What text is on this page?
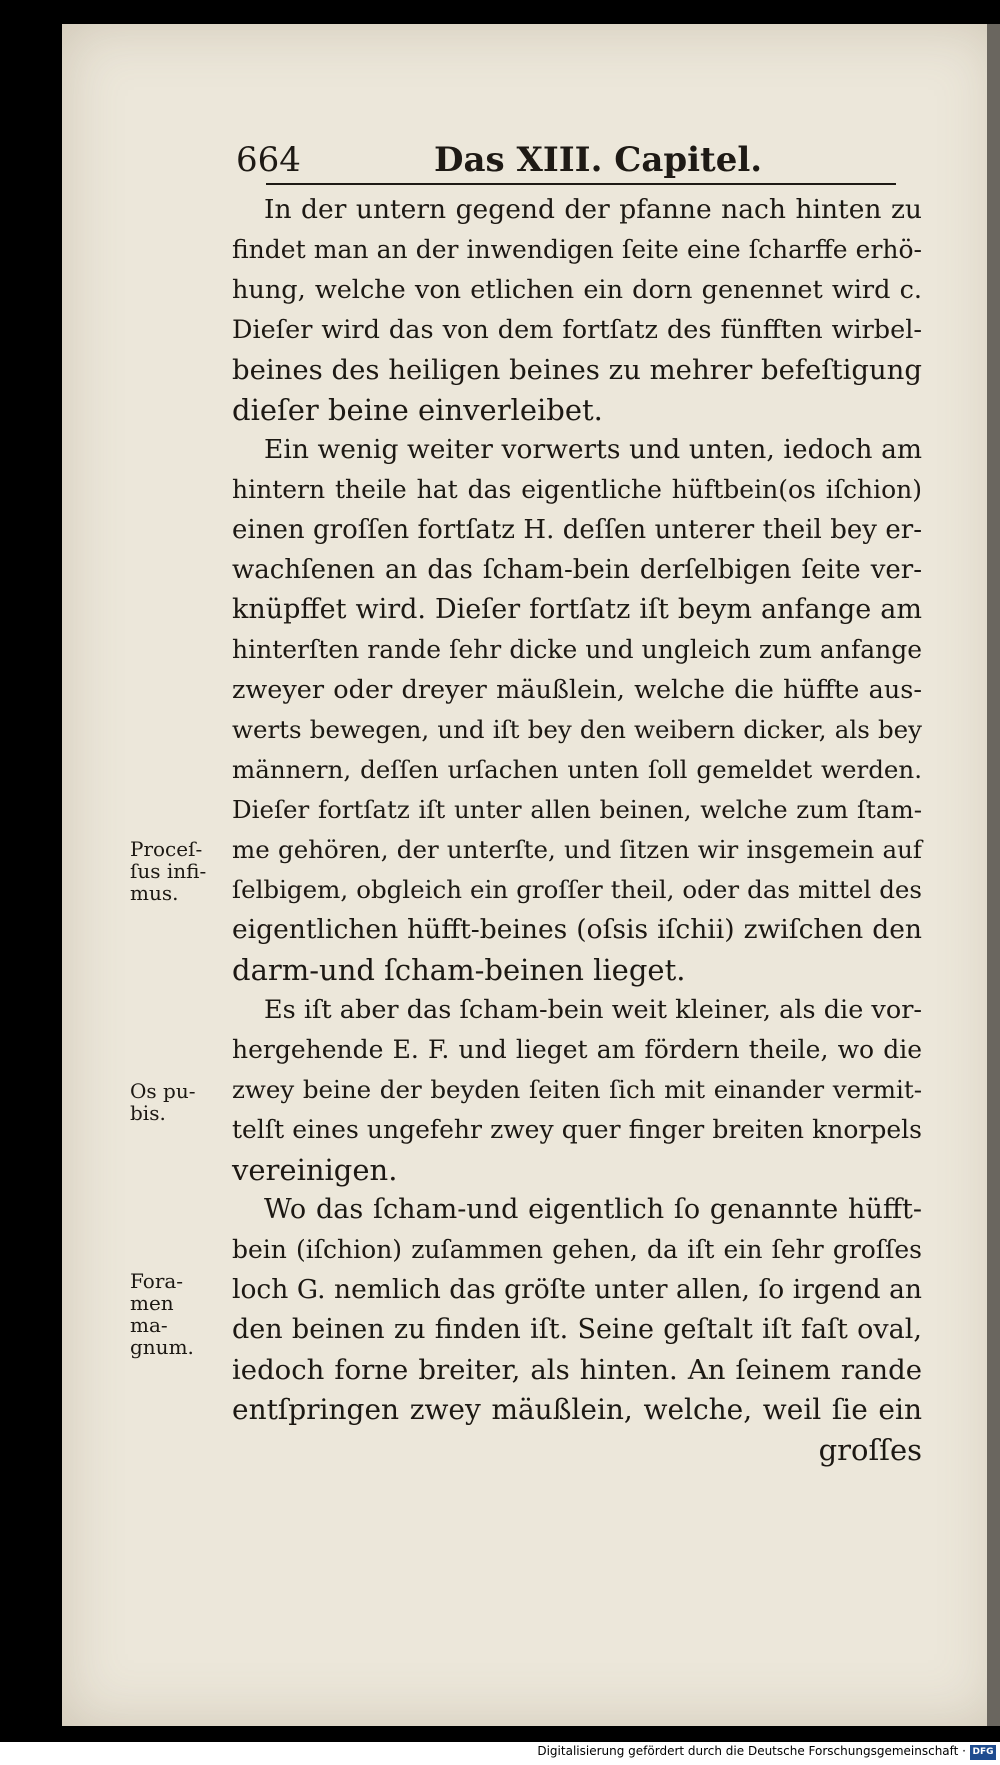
664	Das XIII. Capitel.
Proceſ-
ſus infi-
mus.
Os pu-
bis.
Fora-
men
ma-
gnum.
In der untern gegend der pfanne nach hinten zu
findet man an der inwendigen ſeite eine ſcharffe erhö-
hung, welche von etlichen ein dorn genennet wird c.
Dieſer wird das von dem fortſatz des fünfften wirbel-
beines des heiligen beines zu mehrer befeſtigung
dieſer beine einverleibet.
Ein wenig weiter vorwerts und unten, iedoch am
hintern theile hat das eigentliche hüftbein(os iſchion)
einen groſſen fortſatz H. deſſen unterer theil bey er-
wachſenen an das ſcham-bein derſelbigen ſeite ver-
knüpffet wird. Dieſer fortſatz iſt beym anfange am
hinterſten rande ſehr dicke und ungleich zum anfange
zweyer oder dreyer mäußlein, welche die hüffte aus-
werts bewegen, und iſt bey den weibern dicker, als bey
männern, deſſen urſachen unten ſoll gemeldet werden.
Dieſer fortſatz iſt unter allen beinen, welche zum ſtam-
me gehören, der unterſte, und ſitzen wir insgemein auf
ſelbigem, obgleich ein groſſer theil, oder das mittel des
eigentlichen hüfft-beines (oſsis iſchii) zwiſchen den
darm-und ſcham-beinen lieget.
Es iſt aber das ſcham-bein weit kleiner, als die vor-
hergehende E. F. und lieget am fördern theile, wo die
zwey beine der beyden ſeiten ſich mit einander vermit-
telſt eines ungefehr zwey quer finger breiten knorpels
vereinigen.
Wo das ſcham-und eigentlich ſo genannte hüfft-
bein (iſchion) zuſammen gehen, da iſt ein ſehr groſſes
loch G. nemlich das gröſte unter allen, ſo irgend an
den beinen zu finden iſt. Seine geſtalt iſt faſt oval,
iedoch forne breiter, als hinten. An ſeinem rande
entſpringen zwey mäußlein, welche, weil ſie ein
groſſes
Digitalisierung gefördert durch die Deutsche Forschungsgemeinschaft · DFG
